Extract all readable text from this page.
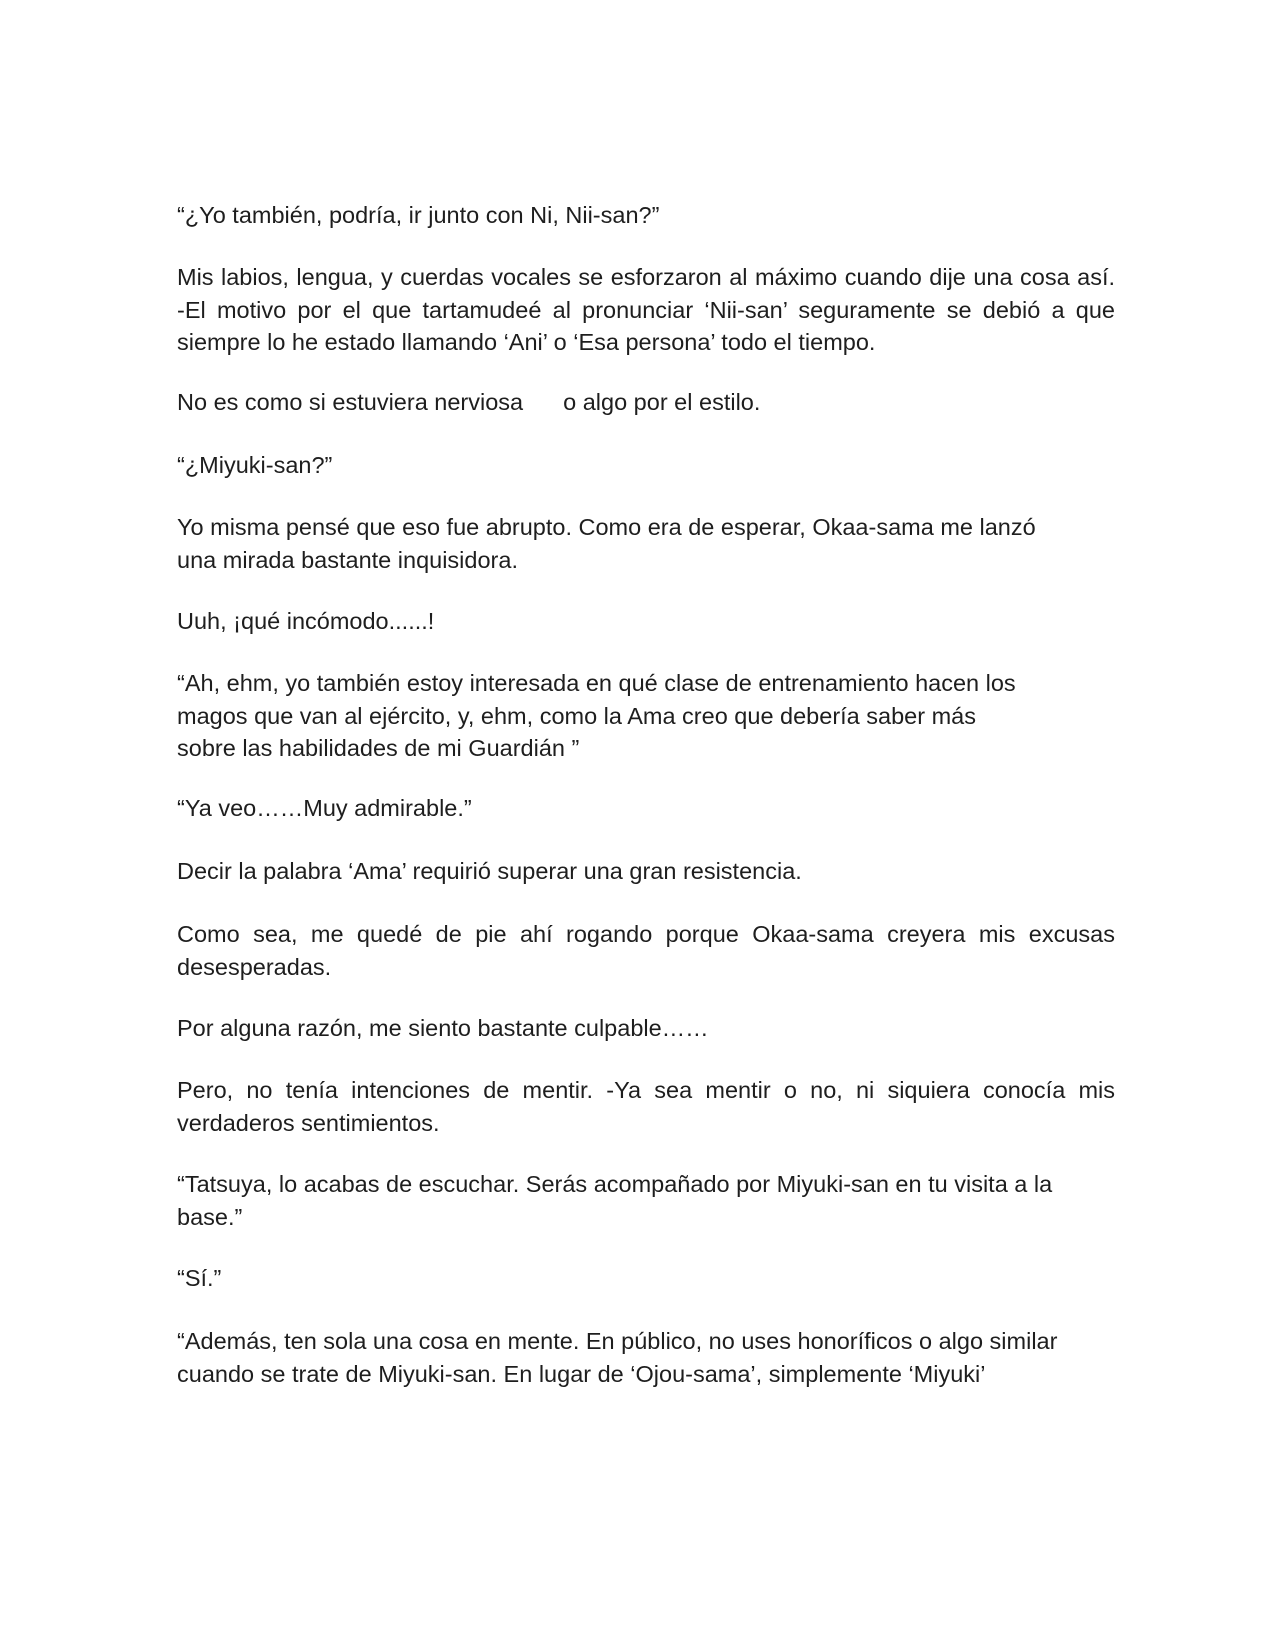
“¿Yo también, podría, ir junto con Ni, Nii-san?”

Mis labios, lengua, y cuerdas vocales se esforzaron al máximo cuando dije una cosa así. -El motivo por el que tartamudeé al pronunciar ‘Nii-san’ seguramente se debió a que siempre lo he estado llamando ‘Ani’ o ‘Esa persona’ todo el tiempo.

No es como si estuviera nerviosa o algo por el estilo.

“¿Miyuki-san?”

Yo misma pensé que eso fue abrupto. Como era de esperar, Okaa-sama me lanzó
una mirada bastante inquisidora.

Uuh, ¡qué incómodo......!

“Ah, ehm, yo también estoy interesada en qué clase de entrenamiento hacen los
magos que van al ejército, y, ehm, como la Ama creo que debería saber más
sobre las habilidades de mi Guardián ”

“Ya veo……Muy admirable.”

Decir la palabra ‘Ama’ requirió superar una gran resistencia.

Como sea, me quedé de pie ahí rogando porque Okaa-sama creyera mis excusas desesperadas.

Por alguna razón, me siento bastante culpable……

Pero, no tenía intenciones de mentir. -Ya sea mentir o no, ni siquiera conocía mis verdaderos sentimientos.

“Tatsuya, lo acabas de escuchar. Serás acompañado por Miyuki-san en tu visita a la
base.”

“Sí.”

“Además, ten sola una cosa en mente. En público, no uses honoríficos o algo similar
cuando se trate de Miyuki-san. En lugar de ‘Ojou-sama’, simplemente ‘Miyuki’
